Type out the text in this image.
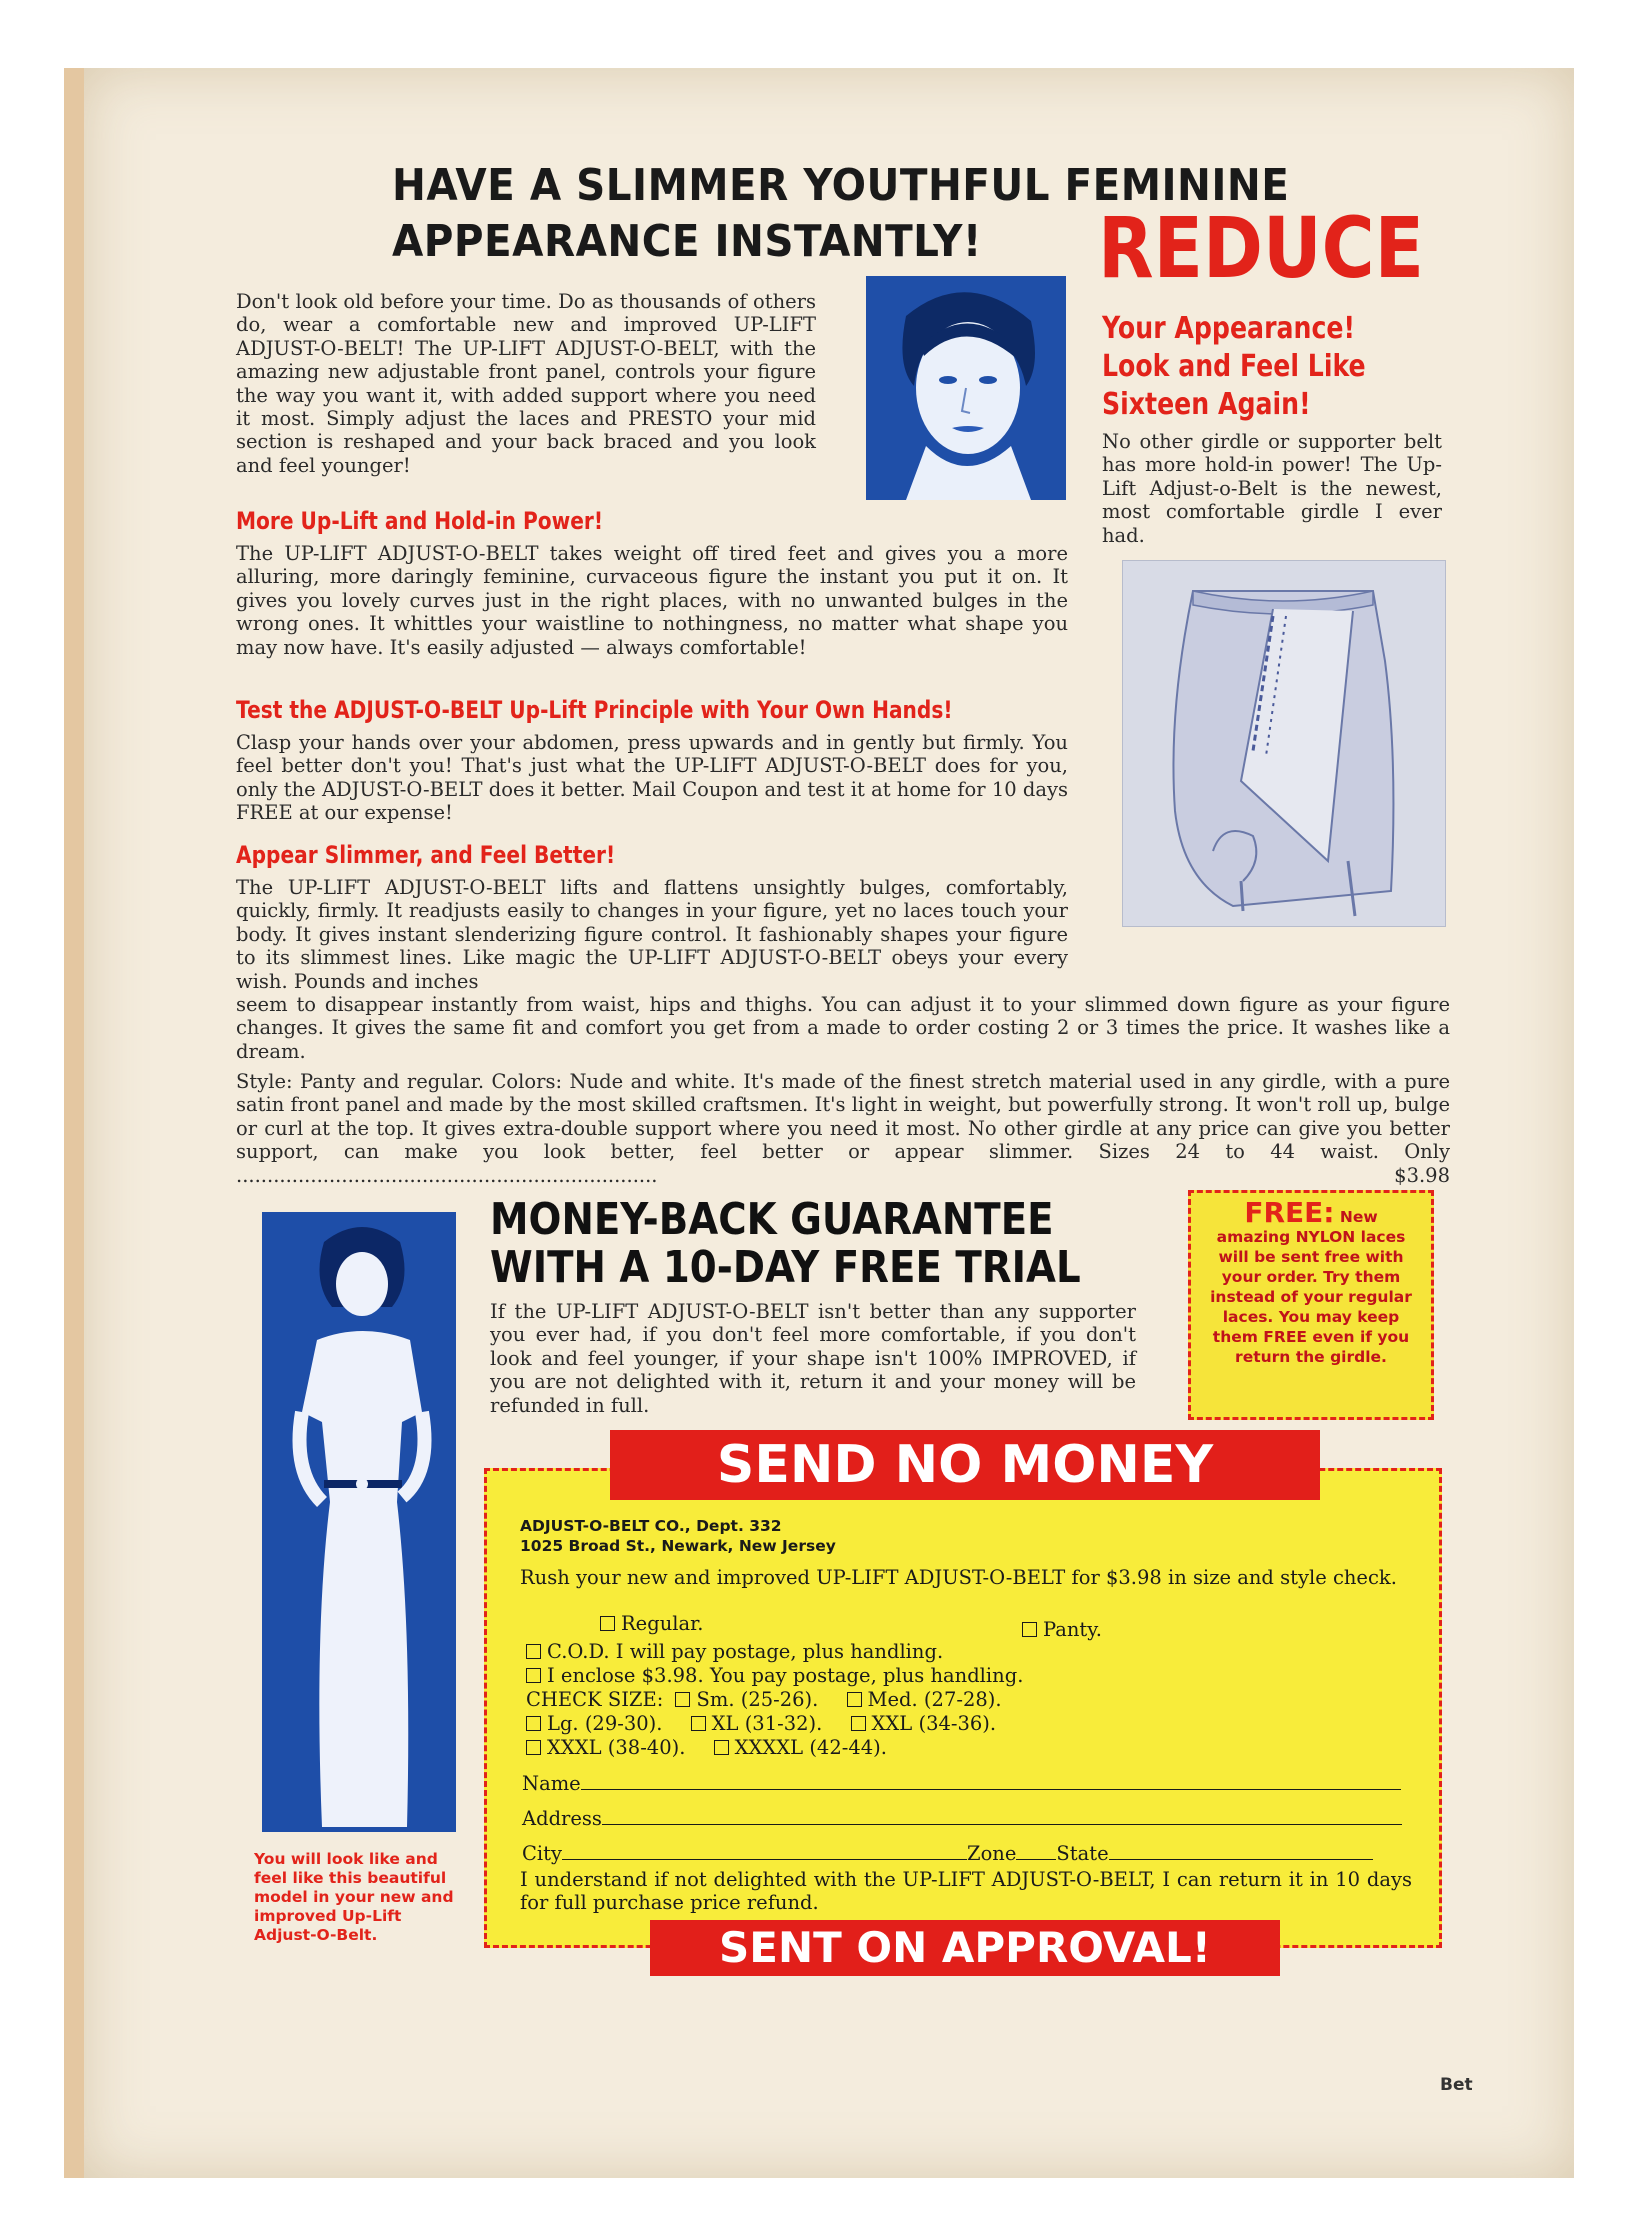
HAVE A SLIMMER YOUTHFUL FEMININE
APPEARANCE INSTANTLY!	REDUCE
Your Appearance!
Look and Feel Like
Sixteen Again!
No other girdle or supporter belt has more hold-in power! The Up-Lift Adjust-o-Belt is the newest, most comfortable girdle I ever had.
Don't look old before your time. Do as thousands of others do, wear a comfortable new and improved UP-LIFT ADJUST-O-BELT! The UP-LIFT ADJUST-O-BELT, with the amazing new adjustable front panel, controls your figure the way you want it, with added support where you need it most. Simply adjust the laces and PRESTO your mid section is reshaped and your back braced and you look and feel younger!
More Up-Lift and Hold-in Power!
The UP-LIFT ADJUST-O-BELT takes weight off tired feet and gives you a more alluring, more daringly feminine, curvaceous figure the instant you put it on. It gives you lovely curves just in the right places, with no unwanted bulges in the wrong ones. It whittles your waistline to nothingness, no matter what shape you may now have. It's easily adjusted — always comfortable!
Test the ADJUST-O-BELT Up-Lift Principle with Your Own Hands!
Clasp your hands over your abdomen, press upwards and in gently but firmly. You feel better don't you! That's just what the UP-LIFT ADJUST-O-BELT does for you, only the ADJUST-O-BELT does it better. Mail Coupon and test it at home for 10 days FREE at our expense!
Appear Slimmer, and Feel Better!
The UP-LIFT ADJUST-O-BELT lifts and flattens unsightly bulges, comfortably, quickly, firmly. It readjusts easily to changes in your figure, yet no laces touch your body. It gives instant slenderizing figure control. It fashionably shapes your figure to its slimmest lines. Like magic the UP-LIFT ADJUST-O-BELT obeys your every wish. Pounds and inches
seem to disappear instantly from waist, hips and thighs. You can adjust it to your slimmed down figure as your figure changes. It gives the same fit and comfort you get from a made to order costing 2 or 3 times the price. It washes like a dream.
Style: Panty and regular. Colors: Nude and white. It's made of the finest stretch material used in any girdle, with a pure satin front panel and made by the most skilled craftsmen. It's light in weight, but powerfully strong. It won't roll up, bulge or curl at the top. It gives extra-double support where you need it most. No other girdle at any price can give you better support, can make you look better, feel better or appear slimmer. Sizes 24 to 44 waist. Only ....................................................................	$3.98
You will look like and feel like this beautiful model in your new and improved Up-Lift Adjust-O-Belt.
MONEY-BACK GUARANTEE
WITH A 10-DAY FREE TRIAL
If the UP-LIFT ADJUST-O-BELT isn't better than any supporter you ever had, if you don't feel more comfortable, if you don't look and feel younger, if your shape isn't 100% IMPROVED, if you are not delighted with it, return it and your money will be refunded in full.
FREE: New amazing NYLON laces will be sent free with your order. Try them instead of your regular laces. You may keep them FREE even if you return the girdle.
SEND NO MONEY
ADJUST-O-BELT CO., Dept. 332
1025 Broad St., Newark, New Jersey
Rush your new and improved UP-LIFT ADJUST-O-BELT for $3.98 in size and style check.
Regular.	Panty.
C.O.D. I will pay postage, plus handling.
I enclose $3.98. You pay postage, plus handling.
CHECK SIZE: Sm. (25-26).	Med. (27-28).
Lg. (29-30).	XL (31-32).	XXL (34-36).
XXXL (38-40).	XXXXL (42-44).
Name
Address
City	Zone State
I understand if not delighted with the UP-LIFT ADJUST-O-BELT, I can return it in 10 days for full purchase price refund.
SENT ON APPROVAL!
Bet
